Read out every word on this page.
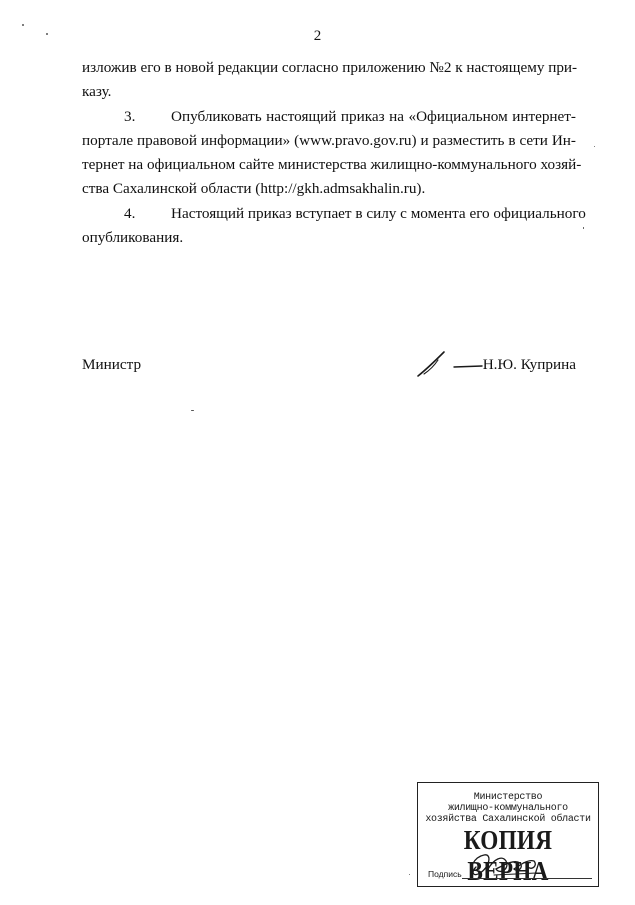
2
изложив его в новой редакции согласно приложению №2 к настоящему при-
казу.
3. Опубликовать настоящий приказ на «Официальном интернет-
портале правовой информации» (www.pravo.gov.ru) и разместить в сети Ин-
тернет на официальном сайте министерства жилищно-коммунального хозяй-
ства Сахалинской области (http://gkh.admsakhalin.ru).
4. Настоящий приказ вступает в силу с момента его официального
опубликования.
Министр	Н.Ю. Куприна
Министерство
жилищно-коммунального
хозяйства Сахалинской области
КОПИЯ ВЕРНА
Подпись
